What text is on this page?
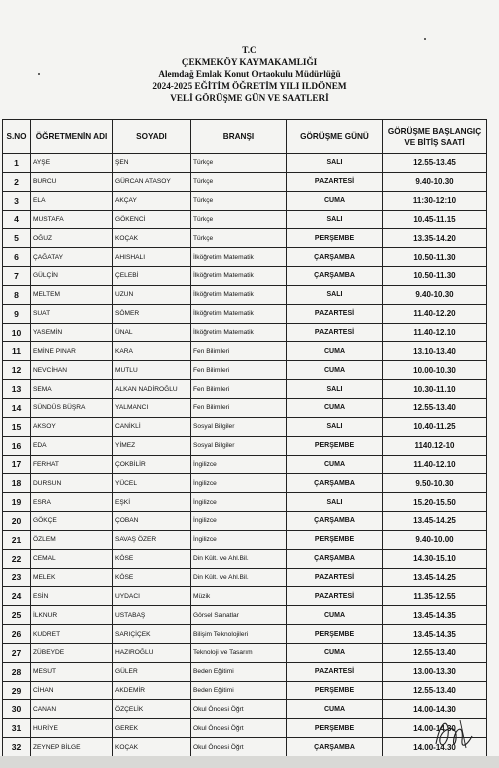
T.C
ÇEKMEKÖY KAYMAKAMLIĞI
Alemdağ Emlak Konut Ortaokulu Müdürlüğü
2024-2025 EĞİTİM ÖĞRETİM YILI ILDÖNEM
VELİ GÖRÜŞME GÜN VE SAATLERİ
S.NO	ÖĞRETMENİN ADI	SOYADI	BRANŞI	GÖRÜŞME GÜNÜ	GÖRÜŞME BAŞLANGIÇ VE BİTİŞ SAATİ
1	AYŞE	ŞEN	Türkçe	SALI	12.55-13.45
2	BURCU	GÜRCAN ATASOY	Türkçe	PAZARTESİ	9.40-10.30
3	ELA	AKÇAY	Türkçe	CUMA	11:30-12:10
4	MUSTAFA	GÖKENCİ	Türkçe	SALI	10.45-11.15
5	OĞUZ	KOÇAK	Türkçe	PERŞEMBE	13.35-14.20
6	ÇAĞATAY	AHISHALI	İlköğretim Matematik	ÇARŞAMBA	10.50-11.30
7	GÜLÇİN	ÇELEBİ	İlköğretim Matematik	ÇARŞAMBA	10.50-11.30
8	MELTEM	UZUN	İlköğretim Matematik	SALI	9.40-10.30
9	SUAT	SÖMER	İlköğretim Matematik	PAZARTESİ	11.40-12.20
10	YASEMİN	ÜNAL	İlköğretim Matematik	PAZARTESİ	11.40-12.10
11	EMİNE PINAR	KARA	Fen Bilimleri	CUMA	13.10-13.40
12	NEVCİHAN	MUTLU	Fen Bilimleri	CUMA	10.00-10.30
13	SEMA	ALKAN NADİROĞLU	Fen Bilimleri	SALI	10.30-11.10
14	SÜNDÜS BÜŞRA	YALMANCI	Fen Bilimleri	CUMA	12.55-13.40
15	AKSOY	CANİKLİ	Sosyal Bilgiler	SALI	10.40-11.25
16	EDA	YİMEZ	Sosyal Bilgiler	PERŞEMBE	1140.12-10
17	FERHAT	ÇOKBİLİR	İngilizce	CUMA	11.40-12.10
18	DURSUN	YÜCEL	İngilizce	ÇARŞAMBA	9.50-10.30
19	ESRA	EŞKİ	İngilizce	SALI	15.20-15.50
20	GÖKÇE	ÇOBAN	İngilizce	ÇARŞAMBA	13.45-14.25
21	ÖZLEM	SAVAŞ ÖZER	İngilizce	PERŞEMBE	9.40-10.00
22	CEMAL	KÖSE	Din Kült. ve Ahl.Bil.	ÇARŞAMBA	14.30-15.10
23	MELEK	KÖSE	Din Kült. ve Ahl.Bil.	PAZARTESİ	13.45-14.25
24	ESİN	UYDACI	Müzik	PAZARTESİ	11.35-12.55
25	İLKNUR	USTABAŞ	Görsel Sanatlar	CUMA	13.45-14.35
26	KUDRET	SARIÇİÇEK	Bilişim Teknolojileri	PERŞEMBE	13.45-14.35
27	ZÜBEYDE	HAZIROĞLU	Teknoloji ve Tasarım	CUMA	12.55-13.40
28	MESUT	GÜLER	Beden Eğitimi	PAZARTESİ	13.00-13.30
29	CİHAN	AKDEMİR	Beden Eğitimi	PERŞEMBE	12.55-13.40
30	CANAN	ÖZÇELİK	Okul Öncesi Öğrt	CUMA	14.00-14.30
31	HURİYE	GEREK	Okul Öncesi Öğrt	PERŞEMBE	14.00-14.30
32	ZEYNEP BİLGE	KOÇAK	Okul Öncesi Öğrt	ÇARŞAMBA	14.00-14.30
